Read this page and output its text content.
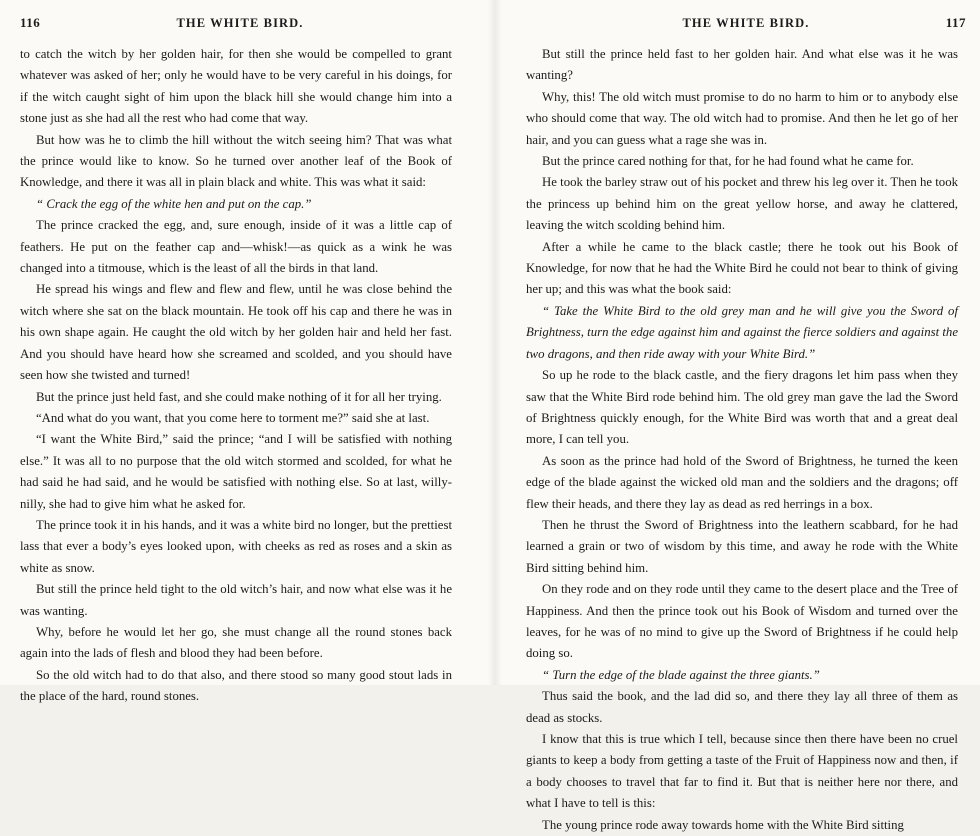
116	THE WHITE BIRD.

to catch the witch by her golden hair, for then she would be compelled to grant whatever was asked of her; only he would have to be very careful in his doings, for if the witch caught sight of him upon the black hill she would change him into a stone just as she had all the rest who had come that way.

But how was he to climb the hill without the witch seeing him? That was what the prince would like to know. So he turned over another leaf of the Book of Knowledge, and there it was all in plain black and white. This was what it said:

“ Crack the egg of the white hen and put on the cap.”

The prince cracked the egg, and, sure enough, inside of it was a little cap of feathers. He put on the feather cap and—whisk!—as quick as a wink he was changed into a titmouse, which is the least of all the birds in that land.

He spread his wings and flew and flew and flew, until he was close behind the witch where she sat on the black mountain. He took off his cap and there he was in his own shape again. He caught the old witch by her golden hair and held her fast. And you should have heard how she screamed and scolded, and you should have seen how she twisted and turned!

But the prince just held fast, and she could make nothing of it for all her trying.

“And what do you want, that you come here to torment me?” said she at last.

“I want the White Bird,” said the prince; “and I will be satisfied with nothing else.” It was all to no purpose that the old witch stormed and scolded, for what he had said he had said, and he would be satisfied with nothing else. So at last, willy-nilly, she had to give him what he asked for.

The prince took it in his hands, and it was a white bird no longer, but the prettiest lass that ever a body’s eyes looked upon, with cheeks as red as roses and a skin as white as snow.

But still the prince held tight to the old witch’s hair, and now what else was it he was wanting.

Why, before he would let her go, she must change all the round stones back again into the lads of flesh and blood they had been before.

So the old witch had to do that also, and there stood so many good stout lads in the place of the hard, round stones.

THE WHITE BIRD.	117

But still the prince held fast to her golden hair. And what else was it he was wanting?

Why, this! The old witch must promise to do no harm to him or to anybody else who should come that way. The old witch had to promise. And then he let go of her hair, and you can guess what a rage she was in.

But the prince cared nothing for that, for he had found what he came for.

He took the barley straw out of his pocket and threw his leg over it. Then he took the princess up behind him on the great yellow horse, and away he clattered, leaving the witch scolding behind him.

After a while he came to the black castle; there he took out his Book of Knowledge, for now that he had the White Bird he could not bear to think of giving her up; and this was what the book said:

“ Take the White Bird to the old grey man and he will give you the Sword of Brightness, turn the edge against him and against the fierce soldiers and against the two dragons, and then ride away with your White Bird.”

So up he rode to the black castle, and the fiery dragons let him pass when they saw that the White Bird rode behind him. The old grey man gave the lad the Sword of Brightness quickly enough, for the White Bird was worth that and a great deal more, I can tell you.

As soon as the prince had hold of the Sword of Brightness, he turned the keen edge of the blade against the wicked old man and the soldiers and the dragons; off flew their heads, and there they lay as dead as red herrings in a box.

Then he thrust the Sword of Brightness into the leathern scabbard, for he had learned a grain or two of wisdom by this time, and away he rode with the White Bird sitting behind him.

On they rode and on they rode until they came to the desert place and the Tree of Happiness. And then the prince took out his Book of Wisdom and turned over the leaves, for he was of no mind to give up the Sword of Brightness if he could help doing so.

“ Turn the edge of the blade against the three giants.”

Thus said the book, and the lad did so, and there they lay all three of them as dead as stocks.

I know that this is true which I tell, because since then there have been no cruel giants to keep a body from getting a taste of the Fruit of Happiness now and then, if a body chooses to travel that far to find it. But that is neither here nor there, and what I have to tell is this:

The young prince rode away towards home with the White Bird sitting
